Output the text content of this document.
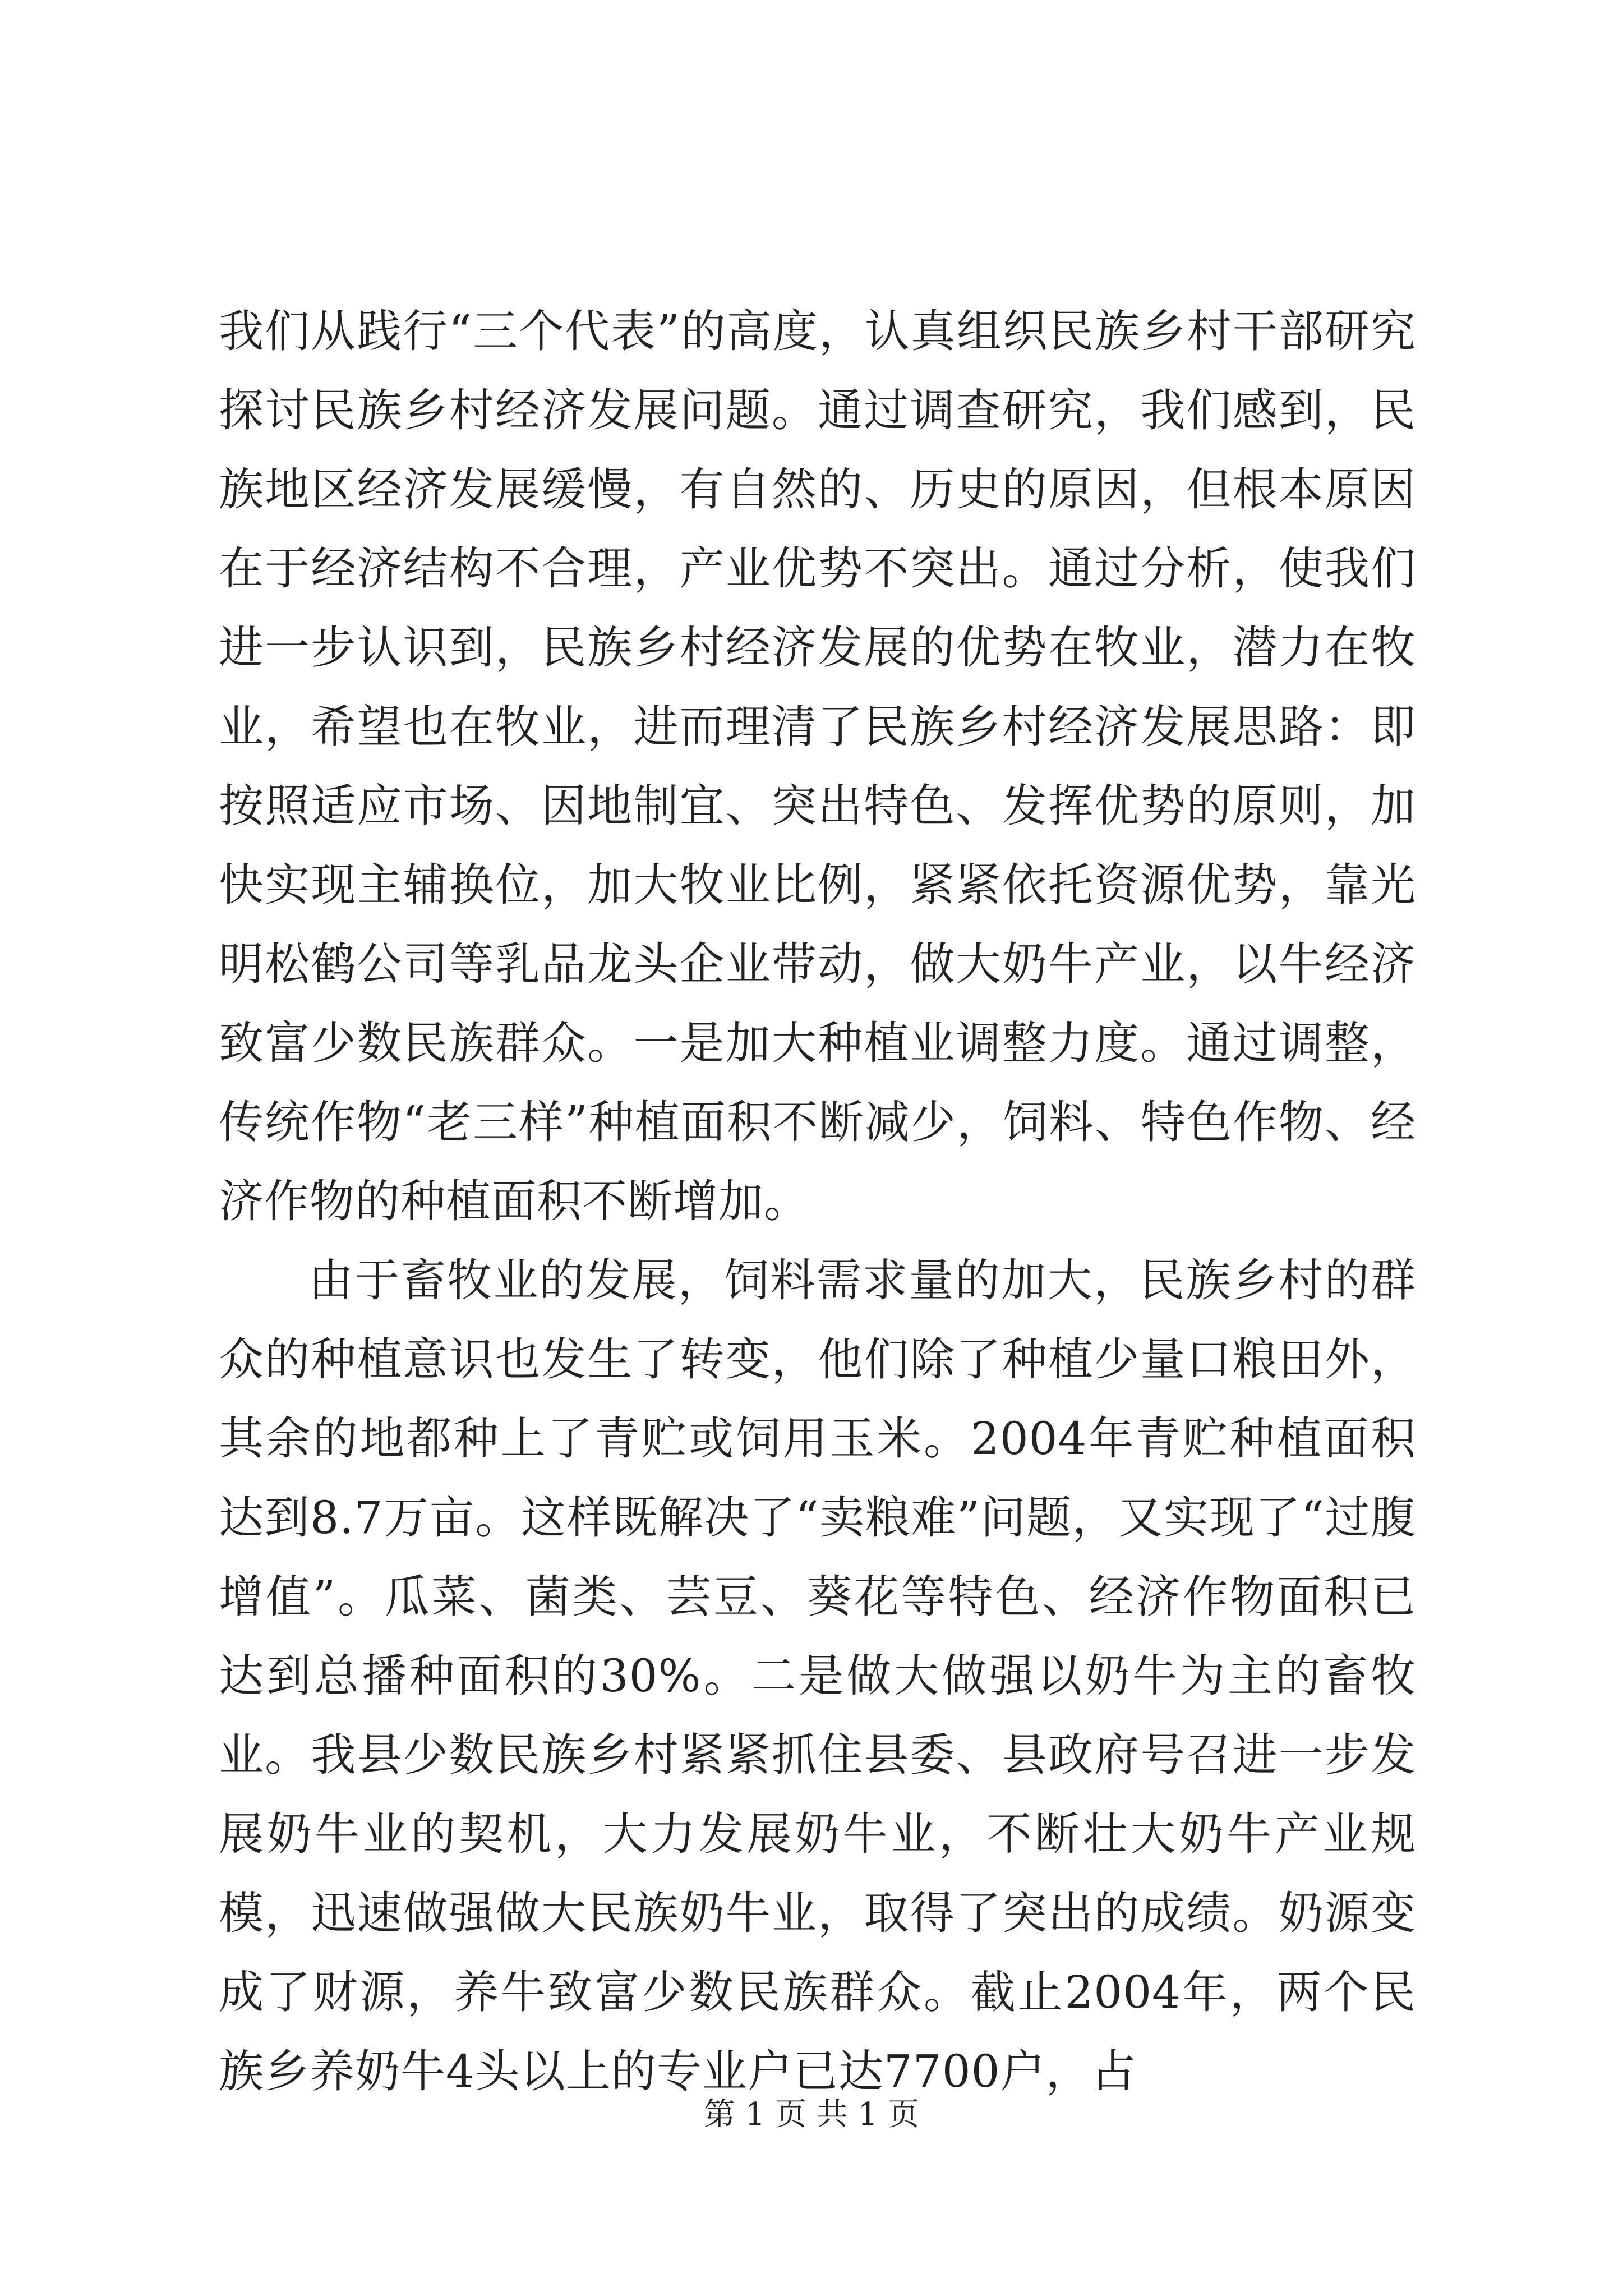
我们从践行“三个代表”的高度，认真组织民族乡村干部研究探讨民族乡村经济发展问题。通过调查研究，我们感到，民族地区经济发展缓慢，有自然的、历史的原因，但根本原因在于经济结构不合理，产业优势不突出。通过分析，使我们进一步认识到，民族乡村经济发展的优势在牧业，潜力在牧业，希望也在牧业，进而理清了民族乡村经济发展思路：即按照适应市场、因地制宜、突出特色、发挥优势的原则，加快实现主辅换位，加大牧业比例，紧紧依托资源优势，靠光明松鹤公司等乳品龙头企业带动，做大奶牛产业，以牛经济致富少数民族群众。一是加大种植业调整力度。通过调整，传统作物“老三样”种植面积不断减少，饲料、特色作物、经济作物的种植面积不断增加。

由于畜牧业的发展，饲料需求量的加大，民族乡村的群众的种植意识也发生了转变，他们除了种植少量口粮田外，其余的地都种上了青贮或饲用玉米。2004年青贮种植面积达到8.7万亩。这样既解决了“卖粮难”问题，又实现了“过腹增值”。瓜菜、菌类、芸豆、葵花等特色、经济作物面积已达到总播种面积的30%。二是做大做强以奶牛为主的畜牧业。我县少数民族乡村紧紧抓住县委、县政府号召进一步发展奶牛业的契机，大力发展奶牛业，不断壮大奶牛产业规模，迅速做强做大民族奶牛业，取得了突出的成绩。奶源变成了财源，养牛致富少数民族群众。截止2004年，两个民族乡养奶牛4头以上的专业户已达7700户，占

第 1 页 共 1 页
